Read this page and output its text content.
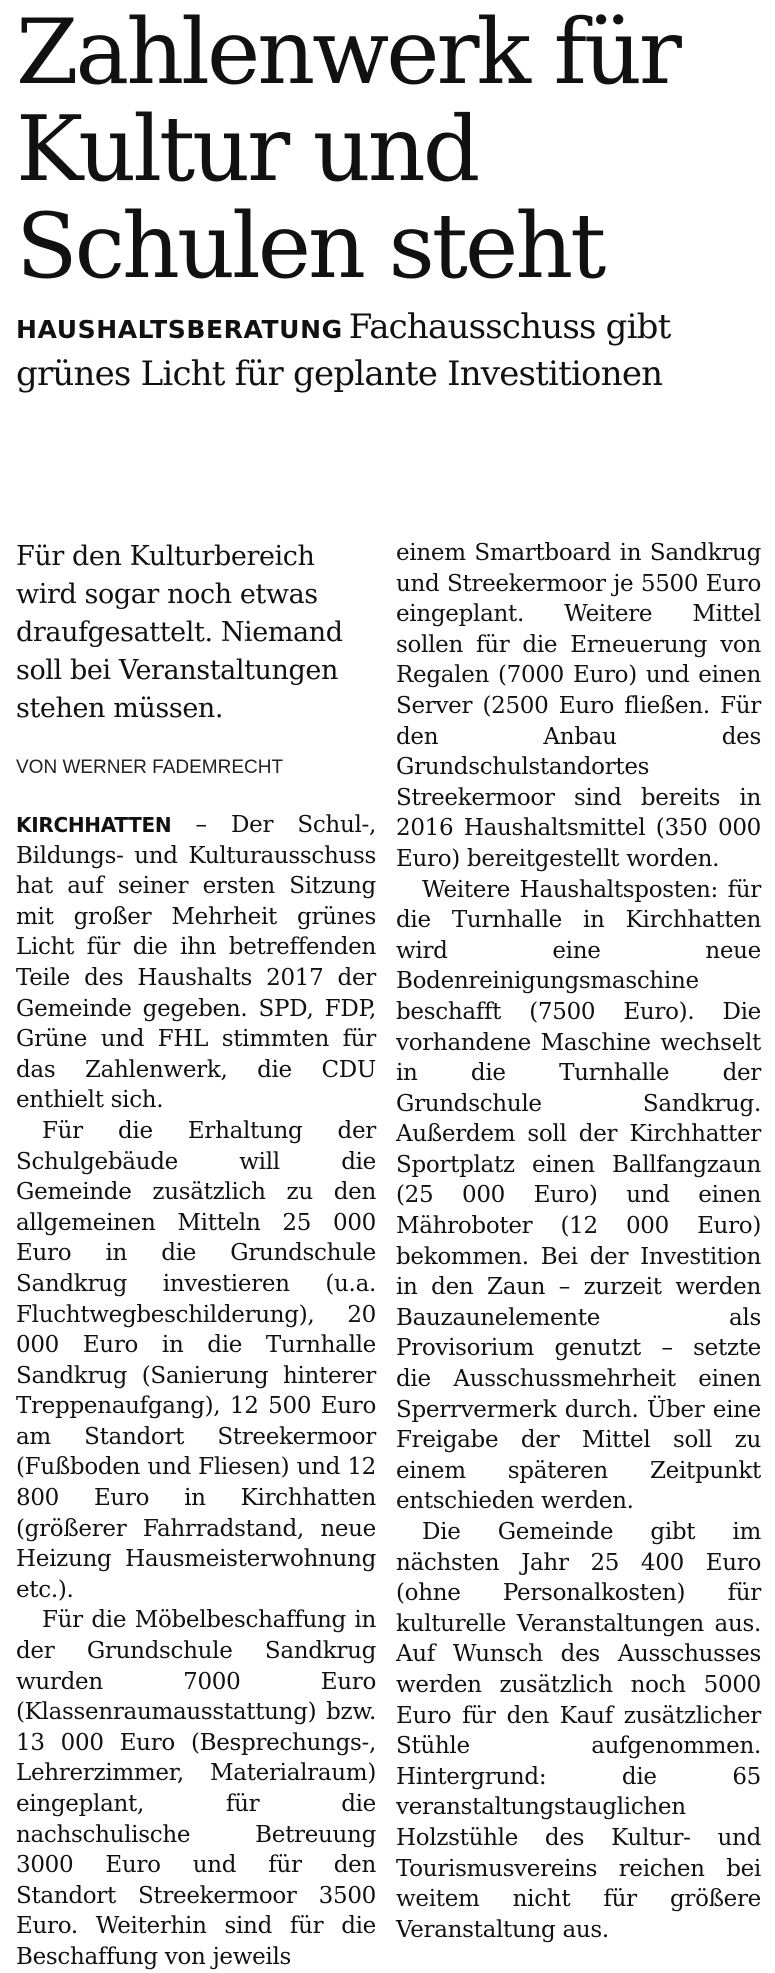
Zahlenwerk für Kultur und Schulen steht

HAUSHALTSBERATUNG Fachausschuss gibt grünes Licht für geplante Investitionen

Für den Kulturbereich wird sogar noch etwas draufgesattelt. Niemand soll bei Veranstaltungen stehen müssen.

VON WERNER FADEMRECHT

KIRCHHATTEN – Der Schul-, Bildungs- und Kulturausschuss hat auf seiner ersten Sitzung mit großer Mehrheit grünes Licht für die ihn betreffenden Teile des Haushalts 2017 der Gemeinde gegeben. SPD, FDP, Grüne und FHL stimmten für das Zahlenwerk, die CDU enthielt sich.

Für die Erhaltung der Schulgebäude will die Gemeinde zusätzlich zu den allgemeinen Mitteln 25 000 Euro in die Grundschule Sandkrug investieren (u.a. Fluchtwegbeschilderung), 20 000 Euro in die Turnhalle Sandkrug (Sanierung hinterer Treppenaufgang), 12 500 Euro am Standort Streekermoor (Fußboden und Fliesen) und 12 800 Euro in Kirchhatten (größerer Fahrradstand, neue Heizung Hausmeisterwohnung etc.).

Für die Möbelbeschaffung in der Grundschule Sandkrug wurden 7000 Euro (Klassenraumausstattung) bzw. 13 000 Euro (Besprechungs-, Lehrerzimmer, Materialraum) eingeplant, für die nachschulische Betreuung 3000 Euro und für den Standort Streekermoor 3500 Euro. Weiterhin sind für die Beschaffung von jeweils

einem Smartboard in Sandkrug und Streekermoor je 5500 Euro eingeplant. Weitere Mittel sollen für die Erneuerung von Regalen (7000 Euro) und einen Server (2500 Euro fließen. Für den Anbau des Grundschulstandortes Streekermoor sind bereits in 2016 Haushaltsmittel (350 000 Euro) bereitgestellt worden.

Weitere Haushaltsposten: für die Turnhalle in Kirchhatten wird eine neue Bodenreinigungsmaschine beschafft (7500 Euro). Die vorhandene Maschine wechselt in die Turnhalle der Grundschule Sandkrug. Außerdem soll der Kirchhatter Sportplatz einen Ballfangzaun (25 000 Euro) und einen Mähroboter (12 000 Euro) bekommen. Bei der Investition in den Zaun – zurzeit werden Bauzaunelemente als Provisorium genutzt – setzte die Ausschussmehrheit einen Sperrvermerk durch. Über eine Freigabe der Mittel soll zu einem späteren Zeitpunkt entschieden werden.

Die Gemeinde gibt im nächsten Jahr 25 400 Euro (ohne Personalkosten) für kulturelle Veranstaltungen aus. Auf Wunsch des Ausschusses werden zusätzlich noch 5000 Euro für den Kauf zusätzlicher Stühle aufgenommen. Hintergrund: die 65 veranstaltungstauglichen Holzstühle des Kultur- und Tourismusvereins reichen bei weitem nicht für größere Veranstaltung aus.
